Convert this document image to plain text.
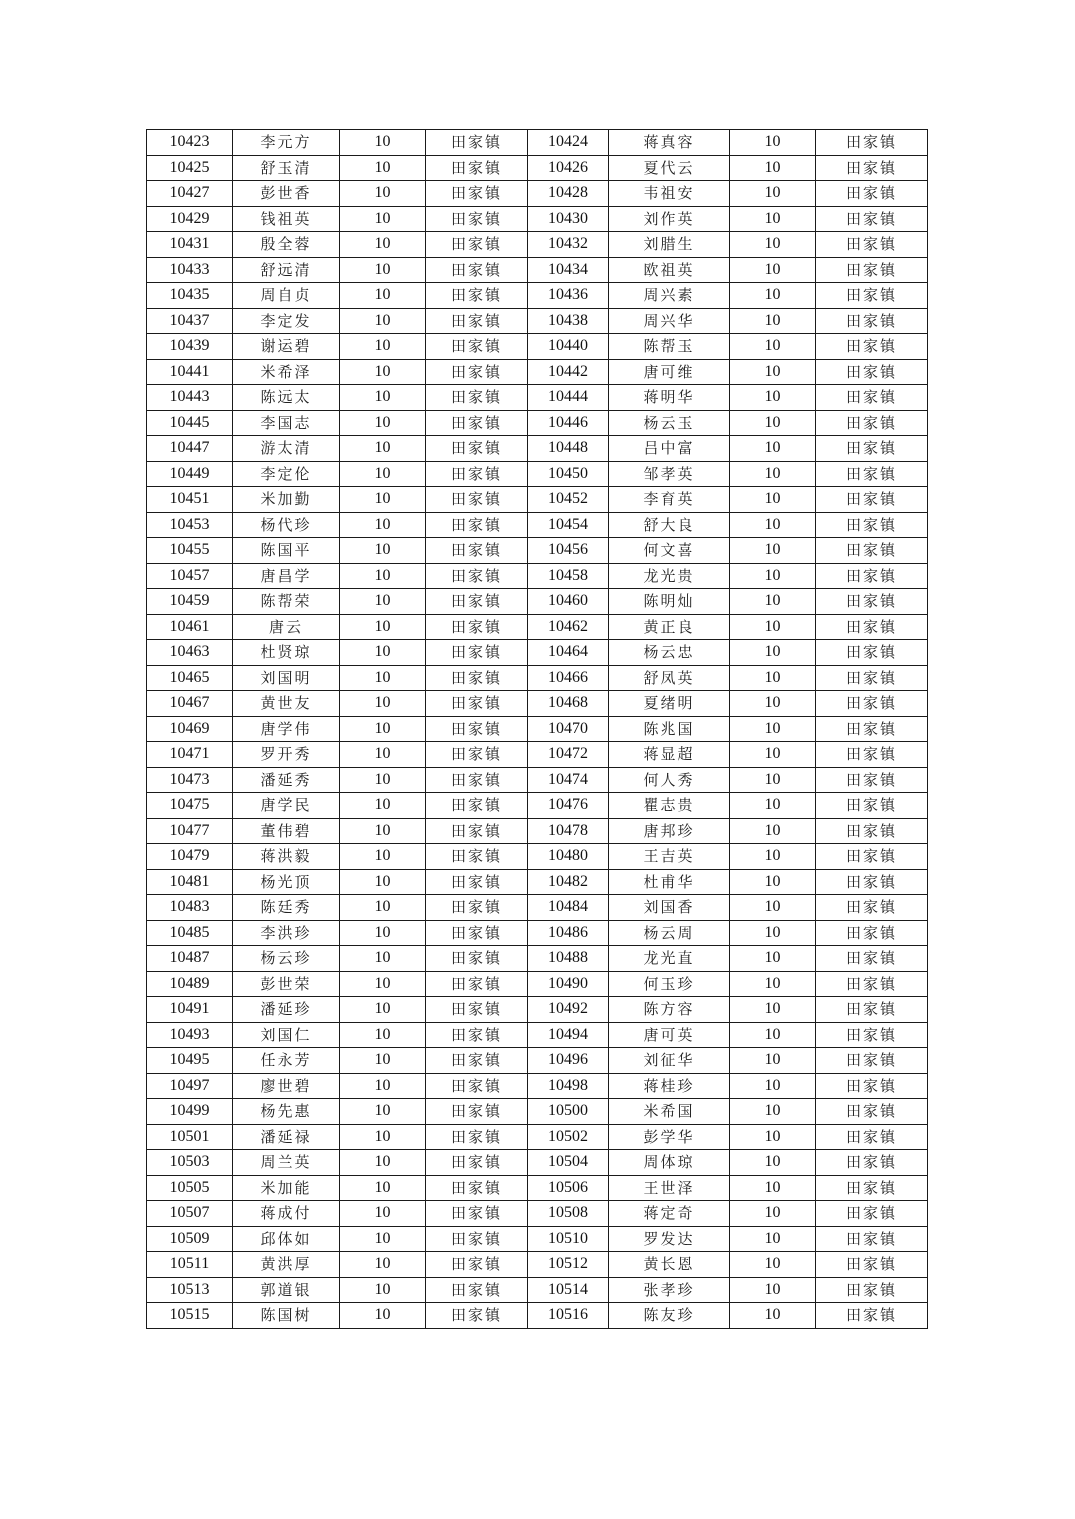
10423	李元方	10	田家镇	10424	蒋真容	10	田家镇
10425	舒玉清	10	田家镇	10426	夏代云	10	田家镇
10427	彭世香	10	田家镇	10428	韦祖安	10	田家镇
10429	钱祖英	10	田家镇	10430	刘作英	10	田家镇
10431	殷全蓉	10	田家镇	10432	刘腊生	10	田家镇
10433	舒远清	10	田家镇	10434	欧祖英	10	田家镇
10435	周自贞	10	田家镇	10436	周兴素	10	田家镇
10437	李定发	10	田家镇	10438	周兴华	10	田家镇
10439	谢运碧	10	田家镇	10440	陈帮玉	10	田家镇
10441	米希泽	10	田家镇	10442	唐可维	10	田家镇
10443	陈远太	10	田家镇	10444	蒋明华	10	田家镇
10445	李国志	10	田家镇	10446	杨云玉	10	田家镇
10447	游太清	10	田家镇	10448	吕中富	10	田家镇
10449	李定伦	10	田家镇	10450	邹孝英	10	田家镇
10451	米加勤	10	田家镇	10452	李育英	10	田家镇
10453	杨代珍	10	田家镇	10454	舒大良	10	田家镇
10455	陈国平	10	田家镇	10456	何文喜	10	田家镇
10457	唐昌学	10	田家镇	10458	龙光贵	10	田家镇
10459	陈帮荣	10	田家镇	10460	陈明灿	10	田家镇
10461	唐云	10	田家镇	10462	黄正良	10	田家镇
10463	杜贤琼	10	田家镇	10464	杨云忠	10	田家镇
10465	刘国明	10	田家镇	10466	舒凤英	10	田家镇
10467	黄世友	10	田家镇	10468	夏绪明	10	田家镇
10469	唐学伟	10	田家镇	10470	陈兆国	10	田家镇
10471	罗开秀	10	田家镇	10472	蒋显超	10	田家镇
10473	潘延秀	10	田家镇	10474	何人秀	10	田家镇
10475	唐学民	10	田家镇	10476	瞿志贵	10	田家镇
10477	董伟碧	10	田家镇	10478	唐邦珍	10	田家镇
10479	蒋洪毅	10	田家镇	10480	王吉英	10	田家镇
10481	杨光顶	10	田家镇	10482	杜甫华	10	田家镇
10483	陈廷秀	10	田家镇	10484	刘国香	10	田家镇
10485	李洪珍	10	田家镇	10486	杨云周	10	田家镇
10487	杨云珍	10	田家镇	10488	龙光直	10	田家镇
10489	彭世荣	10	田家镇	10490	何玉珍	10	田家镇
10491	潘延珍	10	田家镇	10492	陈方容	10	田家镇
10493	刘国仁	10	田家镇	10494	唐可英	10	田家镇
10495	任永芳	10	田家镇	10496	刘征华	10	田家镇
10497	廖世碧	10	田家镇	10498	蒋桂珍	10	田家镇
10499	杨先惠	10	田家镇	10500	米希国	10	田家镇
10501	潘延禄	10	田家镇	10502	彭学华	10	田家镇
10503	周兰英	10	田家镇	10504	周体琼	10	田家镇
10505	米加能	10	田家镇	10506	王世泽	10	田家镇
10507	蒋成付	10	田家镇	10508	蒋定奇	10	田家镇
10509	邱体如	10	田家镇	10510	罗发达	10	田家镇
10511	黄洪厚	10	田家镇	10512	黄长恩	10	田家镇
10513	郭道银	10	田家镇	10514	张孝珍	10	田家镇
10515	陈国树	10	田家镇	10516	陈友珍	10	田家镇
